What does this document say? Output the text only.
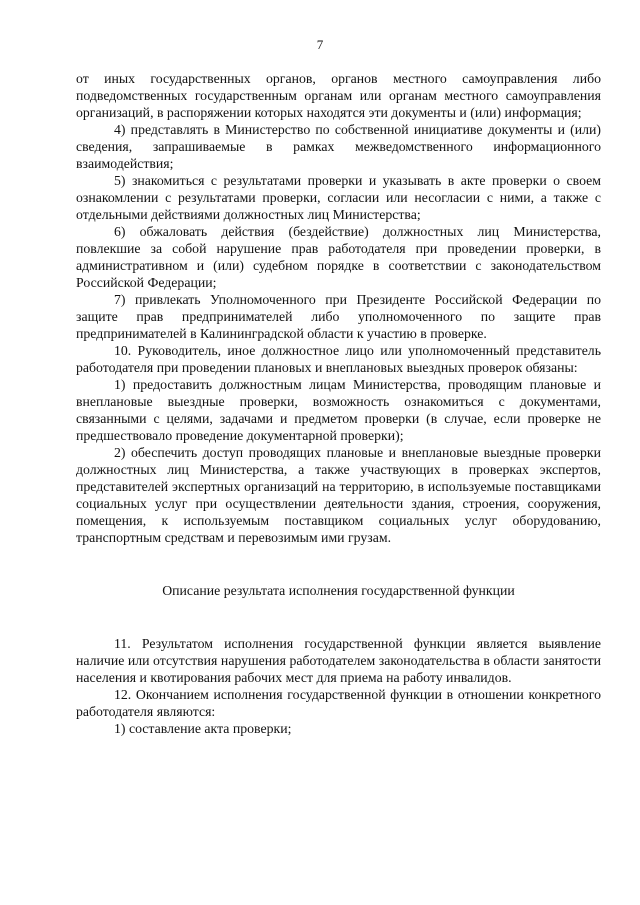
7

от иных государственных органов, органов местного самоуправления либо подведомственных государственным органам или органам местного самоуправления организаций, в распоряжении которых находятся эти документы и (или) информация;

4) представлять в Министерство по собственной инициативе документы и (или) сведения, запрашиваемые в рамках межведомственного информационного взаимодействия;

5) знакомиться с результатами проверки и указывать в акте проверки о своем ознакомлении с результатами проверки, согласии или несогласии с ними, а также с отдельными действиями должностных лиц Министерства;

6) обжаловать действия (бездействие) должностных лиц Министерства, повлекшие за собой нарушение прав работодателя при проведении проверки, в административном и (или) судебном порядке в соответствии с законодательством Российской Федерации;

7) привлекать Уполномоченного при Президенте Российской Федерации по защите прав предпринимателей либо уполномоченного по защите прав предпринимателей в Калининградской области к участию в проверке.

10. Руководитель, иное должностное лицо или уполномоченный представитель работодателя при проведении плановых и внеплановых выездных проверок обязаны:

1) предоставить должностным лицам Министерства, проводящим плановые и внеплановые выездные проверки, возможность ознакомиться с документами, связанными с целями, задачами и предметом проверки (в случае, если проверке не предшествовало проведение документарной проверки);

2) обеспечить доступ проводящих плановые и внеплановые выездные проверки должностных лиц Министерства, а также участвующих в проверках экспертов, представителей экспертных организаций на территорию, в используемые поставщиками социальных услуг при осуществлении деятельности здания, строения, сооружения, помещения, к используемым поставщиком социальных услуг оборудованию, транспортным средствам и перевозимым ими грузам.

Описание результата исполнения государственной функции

11. Результатом исполнения государственной функции является выявление наличие или отсутствия нарушения работодателем законодательства в области занятости населения и квотирования рабочих мест для приема на работу инвалидов.

12. Окончанием исполнения государственной функции в отношении конкретного работодателя являются:

1) составление акта проверки;
